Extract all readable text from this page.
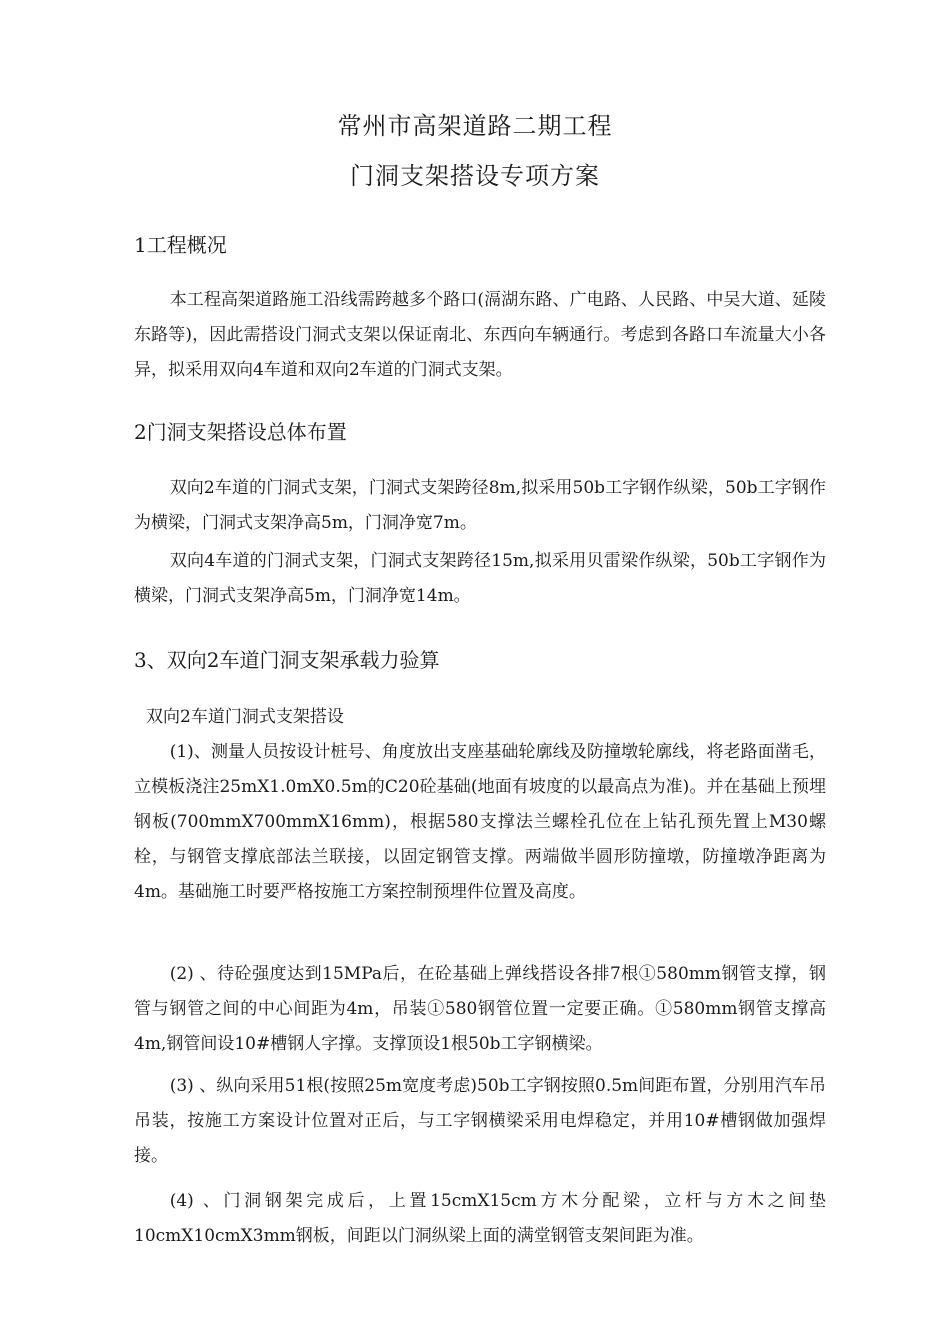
常州市高架道路二期工程
门洞支架搭设专项方案
1工程概况

本工程高架道路施工沿线需跨越多个路口(滆湖东路、广电路、人民路、中吴大道、延陵东路等)，因此需搭设门洞式支架以保证南北、东西向车辆通行。考虑到各路口车流量大小各异，拟采用双向4车道和双向2车道的门洞式支架。

2门洞支架搭设总体布置

双向2车道的门洞式支架，门洞式支架跨径8m,拟采用50b工字钢作纵梁，50b工字钢作为横梁，门洞式支架净高5m，门洞净宽7m。

双向4车道的门洞式支架，门洞式支架跨径15m,拟采用贝雷梁作纵梁，50b工字钢作为横梁，门洞式支架净高5m，门洞净宽14m。

3、双向2车道门洞支架承载力验算
双向2车道门洞式支架搭设

(1)、测量人员按设计桩号、角度放出支座基础轮廓线及防撞墩轮廓线，将老路面凿毛，立模板浇注25mX1.0mX0.5m的C20砼基础(地面有坡度的以最高点为准)。并在基础上预埋钢板(700mmX700mmX16mm)，根据580支撑法兰螺栓孔位在上钻孔预先置上M30螺栓，与钢管支撑底部法兰联接，以固定钢管支撑。两端做半圆形防撞墩，防撞墩净距离为4m。基础施工时要严格按施工方案控制预埋件位置及高度。

(2) 、待砼强度达到15MPa后，在砼基础上弹线搭设各排7根①580mm钢管支撑，钢管与钢管之间的中心间距为4m，吊装①580钢管位置一定要正确。①580mm钢管支撑高4m,钢管间设10#槽钢人字撑。支撑顶设1根50b工字钢横梁。

(3) 、纵向采用51根(按照25m宽度考虑)50b工字钢按照0.5m间距布置，分别用汽车吊吊装，按施工方案设计位置对正后，与工字钢横梁采用电焊稳定，并用10#槽钢做加强焊接。

(4) 、门洞钢架完成后，上置15cmX15cm方木分配梁，立杆与方木之间垫10cmX10cmX3mm钢板，间距以门洞纵梁上面的满堂钢管支架间距为准。
